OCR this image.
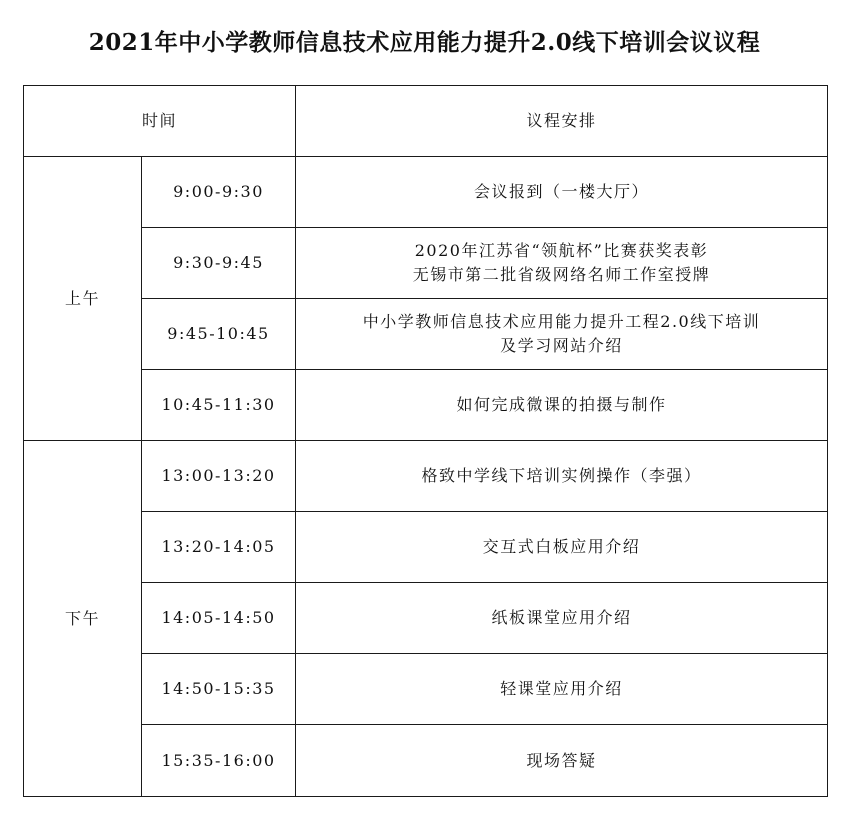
2021年中小学教师信息技术应用能力提升2.0线下培训会议议程
时间		议程安排
上午	9:00-9:30	会议报到（一楼大厅）

	9:30-9:45	2020年江苏省“领航杯”比赛获奖表彰
无锡市第二批省级网络名师工作室授牌

	9:45-10:45	中小学教师信息技术应用能力提升工程2.0线下培训
及学习网站介绍

	10:45-11:30	如何完成微课的拍摄与制作

下午	13:00-13:20	格致中学线下培训实例操作（李强）

	13:20-14:05	交互式白板应用介绍

	14:05-14:50	纸板课堂应用介绍

	14:50-15:35	轻课堂应用介绍

	15:35-16:00	现场答疑
